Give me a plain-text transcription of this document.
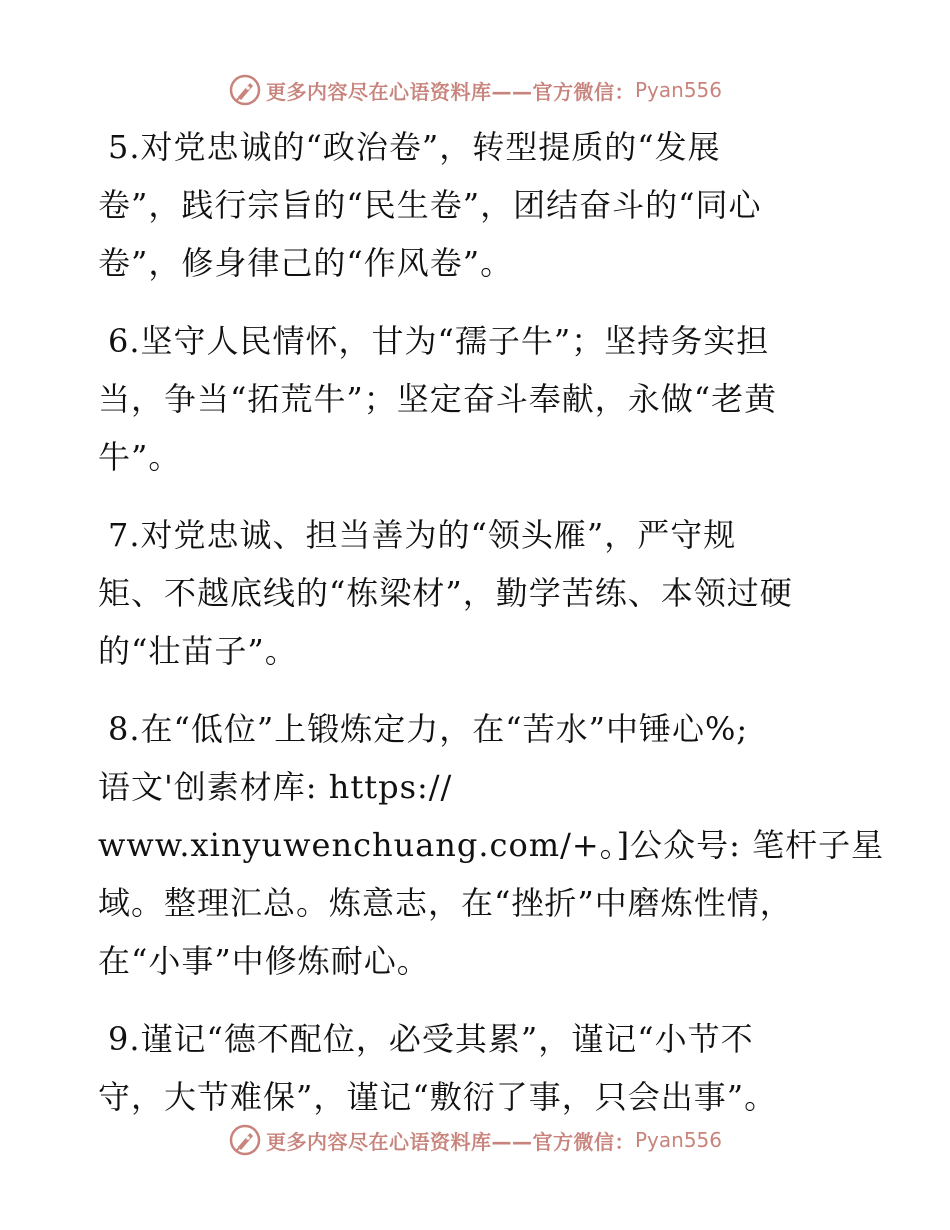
更多内容尽在心语资料库——官方微信： Pyan556
5.对党忠诚的“政治卷”，转型提质的“发展
卷”，践行宗旨的“民生卷”，团结奋斗的“同心
卷”，修身律己的“作风卷”。
6.坚守人民情怀，甘为“孺子牛”；坚持务实担
当，争当“拓荒牛”；坚定奋斗奉献，永做“老黄
牛”。
7.对党忠诚、担当善为的“领头雁”，严守规
矩、不越底线的“栋梁材”，勤学苦练、本领过硬
的“壮苗子”。
8.在“低位”上锻炼定力，在“苦水”中锤心%;
语文'创素材库: https://
www.xinyuwenchuang.com/+。]公众号: 笔杆子星
域。整理汇总。炼意志，在“挫折”中磨炼性情，
在“小事”中修炼耐心。
9.谨记“德不配位，必受其累”，谨记“小节不
守，大节难保”，谨记“敷衍了事，只会出事”。
更多内容尽在心语资料库——官方微信： Pyan556
